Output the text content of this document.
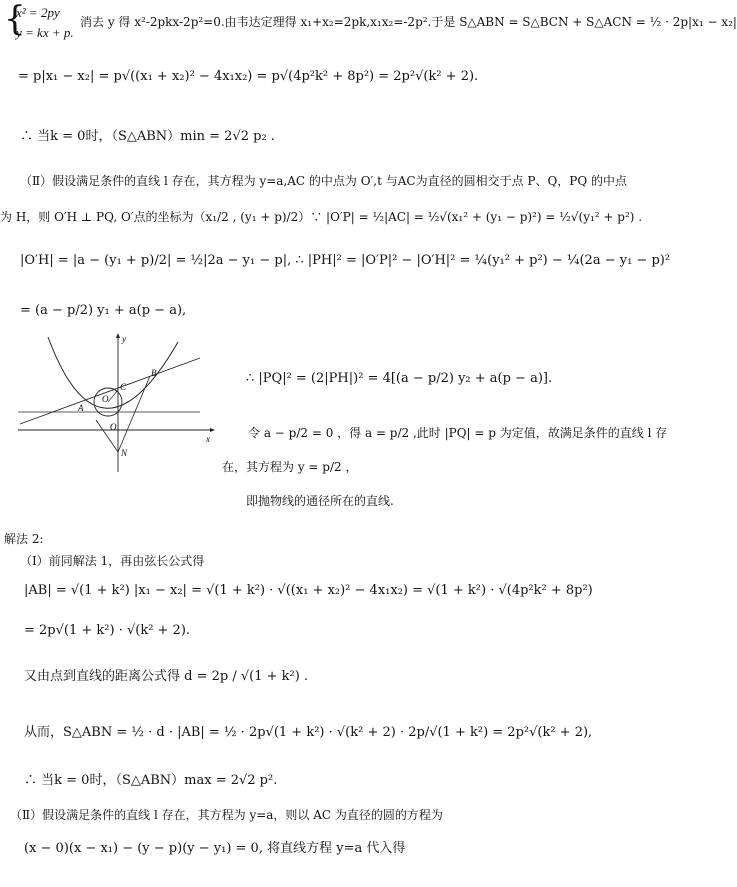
{
x² = 2py
y = kx + p.
消去 y 得 x²-2pkx-2p²=0.由韦达定理得 x₁+x₂=2pk,x₁x₂=-2p².于是 S△ABN = S△BCN + S△ACN = ½ · 2p|x₁ − x₂|
= p|x₁ − x₂| = p√((x₁ + x₂)² − 4x₁x₂) = p√(4p²k² + 8p²) = 2p²√(k² + 2).
∴ 当k = 0时，（S△ABN）min = 2√2 p₂ .
（Ⅱ）假设满足条件的直线 l 存在，其方程为 y=a,AC 的中点为 O′,t 与AC为直径的圆相交于点 P、Q，PQ 的中点
为 H，则 O′H ⊥ PQ, O′点的坐标为（x₁/2 , (y₁ + p)/2）∵ |O′P| = ½|AC| = ½√(x₁² + (y₁ − p)²) = ½√(y₁² + p²) .
|O′H| = |a − (y₁ + p)/2| = ½|2a − y₁ − p|, ∴ |PH|² = |O′P|² − |O′H|² = ¼(y₁² + p²) − ¼(2a − y₁ − p)²
= (a − p/2) y₁ + a(p − a),
y
x
B
C
A
O
O
N
∴ |PQ|² = (2|PH|)² = 4[(a − p/2) y₂ + a(p − a)].
令 a − p/2 = 0 ，得 a = p/2 ,此时 |PQ| = p 为定值，故满足条件的直线 l 存
在，其方程为 y = p/2 ，
即抛物线的通径所在的直线.
解法 2:
（Ⅰ）前同解法 1，再由弦长公式得
|AB| = √(1 + k²) |x₁ − x₂| = √(1 + k²) · √((x₁ + x₂)² − 4x₁x₂) = √(1 + k²) · √(4p²k² + 8p²)
= 2p√(1 + k²) · √(k² + 2).
又由点到直线的距离公式得 d = 2p / √(1 + k²) .
从而，S△ABN = ½ · d · |AB| = ½ · 2p√(1 + k²) · √(k² + 2) · 2p/√(1 + k²) = 2p²√(k² + 2),
∴ 当k = 0时，（S△ABN）max = 2√2 p².
（Ⅱ）假设满足条件的直线 l 存在，其方程为 y=a，则以 AC 为直径的圆的方程为
(x − 0)(x − x₁) − (y − p)(y − y₁) = 0, 将直线方程 y=a 代入得
